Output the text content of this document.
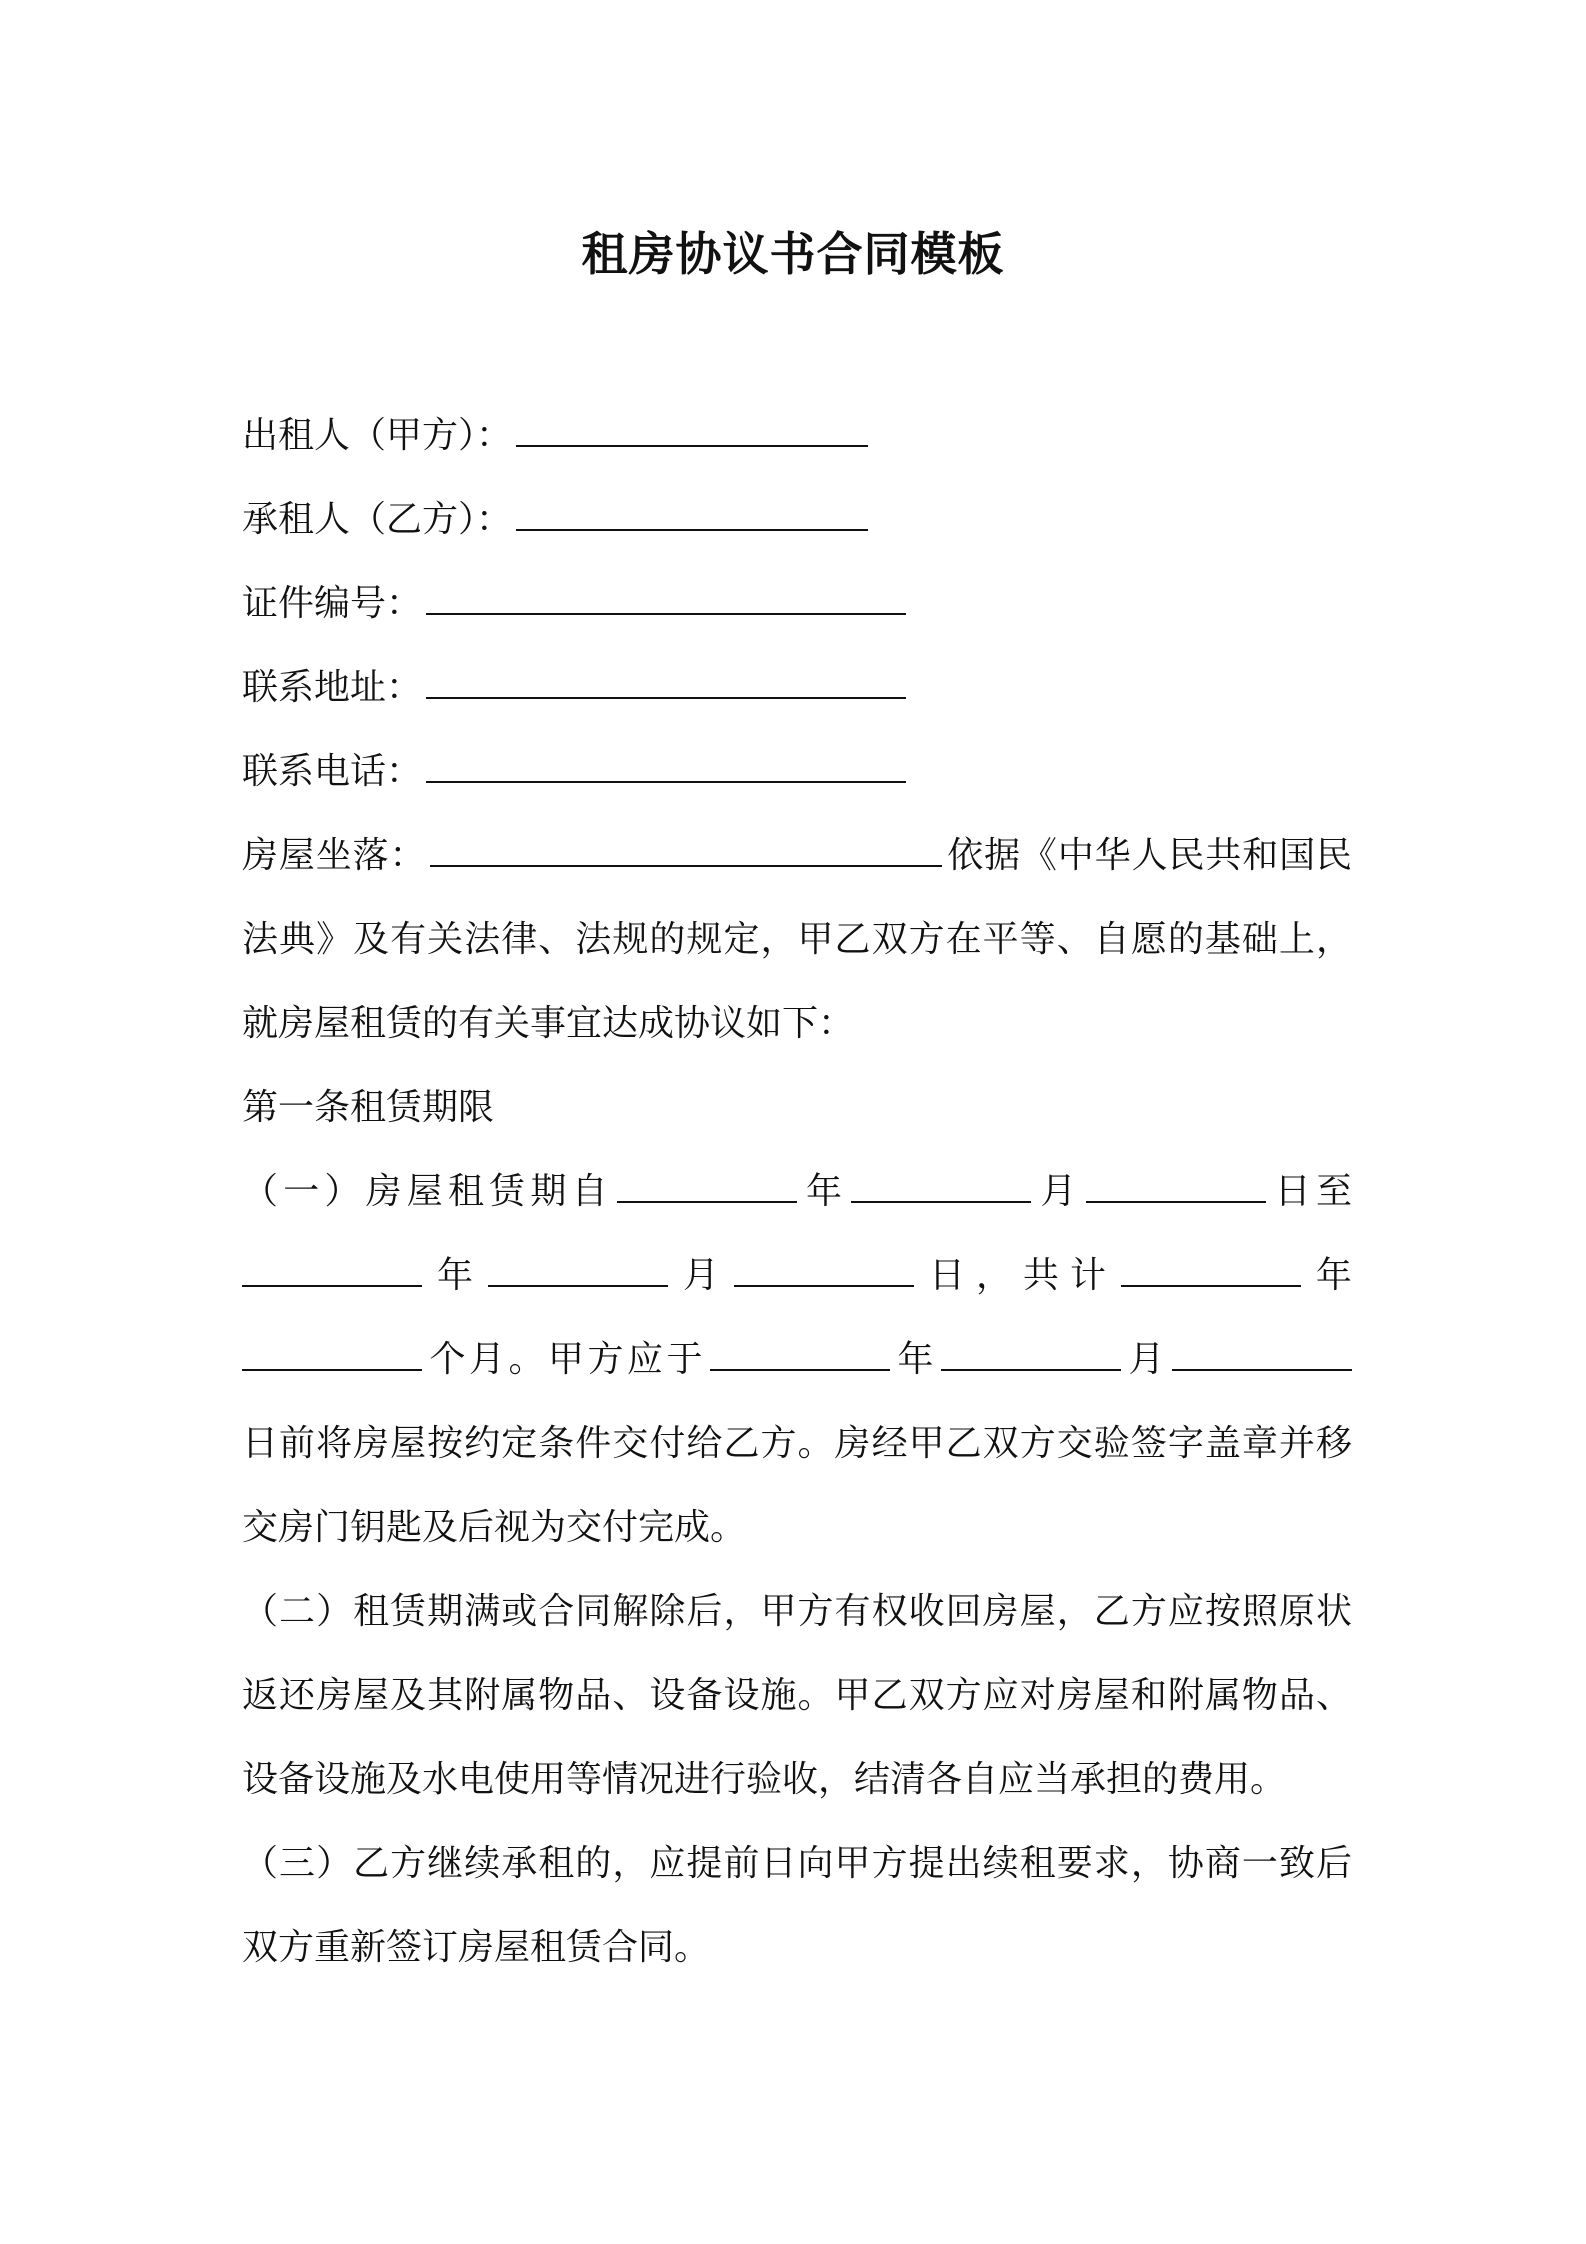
租房协议书合同模板
出租人（甲方）：
承租人（乙方）：
证件编号：
联系地址：
联系电话：
房屋坐落：	依据《中华人民共和国民
法典》及有关法律、法规的规定，甲乙双方在平等、自愿的基础上，
就房屋租赁的有关事宜达成协议如下：
第一条租赁期限
（一）房屋租赁期自	年	月	日至
年	月	日，共计	年
个月。甲方应于	年	月
日前将房屋按约定条件交付给乙方。房经甲乙双方交验签字盖章并移
交房门钥匙及后视为交付完成。
（二）租赁期满或合同解除后，甲方有权收回房屋，乙方应按照原状
返还房屋及其附属物品、设备设施。甲乙双方应对房屋和附属物品、
设备设施及水电使用等情况进行验收，结清各自应当承担的费用。
（三）乙方继续承租的，应提前日向甲方提出续租要求，协商一致后
双方重新签订房屋租赁合同。
